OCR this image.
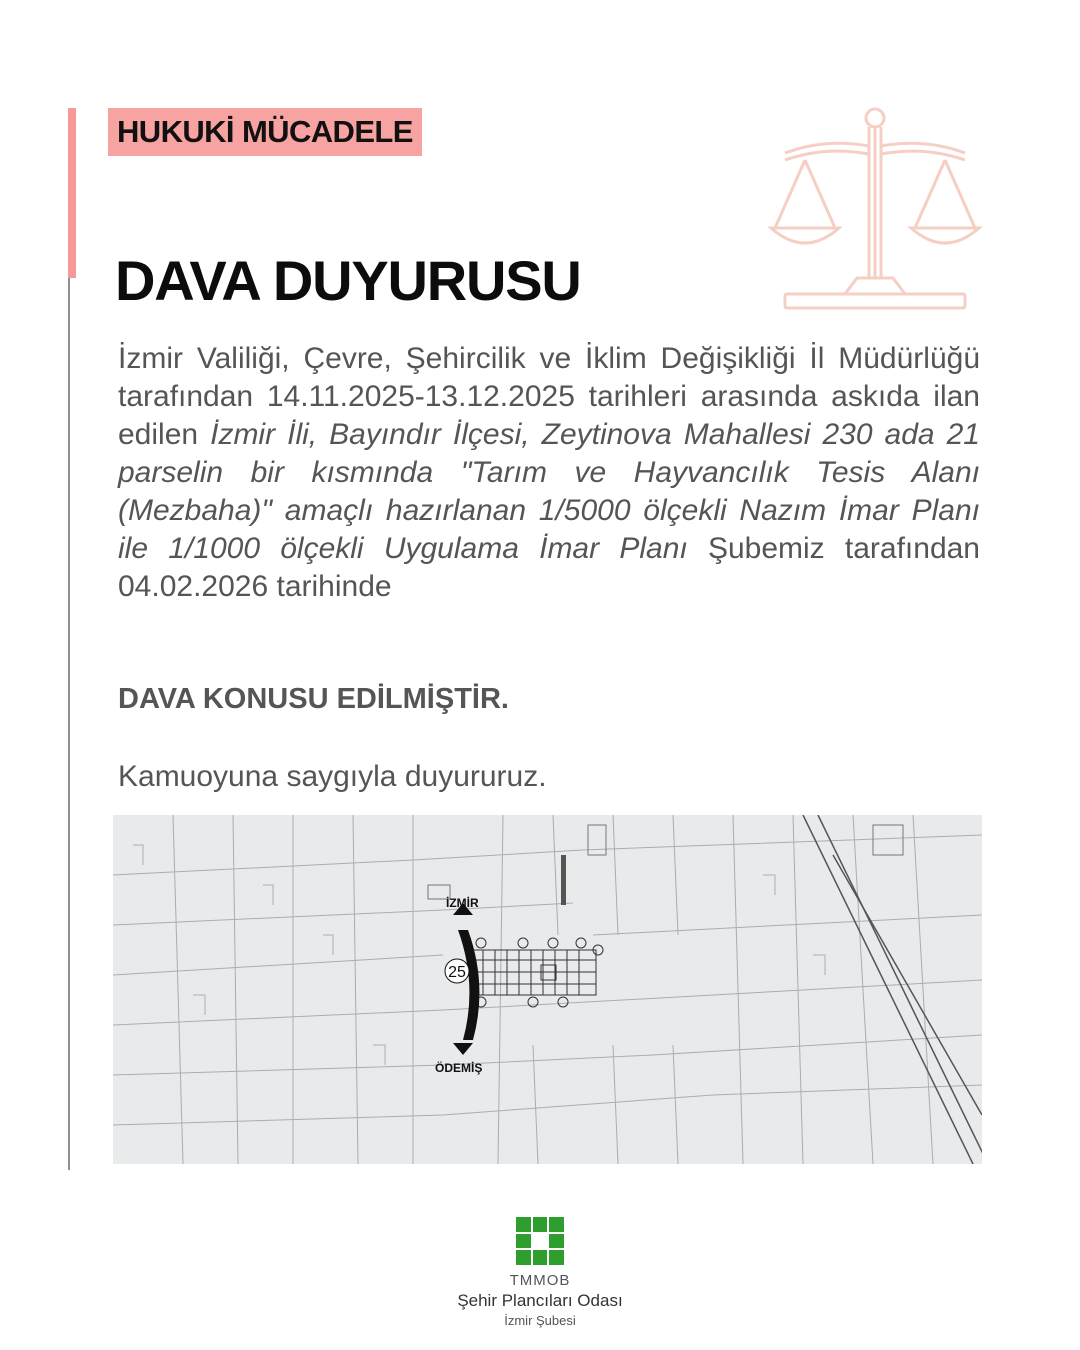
HUKUKİ MÜCADELE
DAVA DUYURUSU

İzmir Valiliği, Çevre, Şehircilik ve İklim Değişikliği İl Müdürlüğü tarafından 14.11.2025-13.12.2025 tarihleri arasında askıda ilan edilen İzmir İli, Bayındır İlçesi, Zeytinova Mahallesi 230 ada 21 parselin bir kısmında "Tarım ve Hayvancılık Tesis Alanı (Mezbaha)" amaçlı hazırlanan 1/5000 ölçekli Nazım İmar Planı ile 1/1000 ölçekli Uygulama İmar Planı Şubemiz tarafından 04.02.2026 tarihinde

DAVA KONUSU EDİLMİŞTİR.

Kamuoyuna saygıyla duyururuz.

25
İZMİR
ÖDEMİŞ
TMMOB
Şehir Plancıları Odası
İzmir Şubesi
